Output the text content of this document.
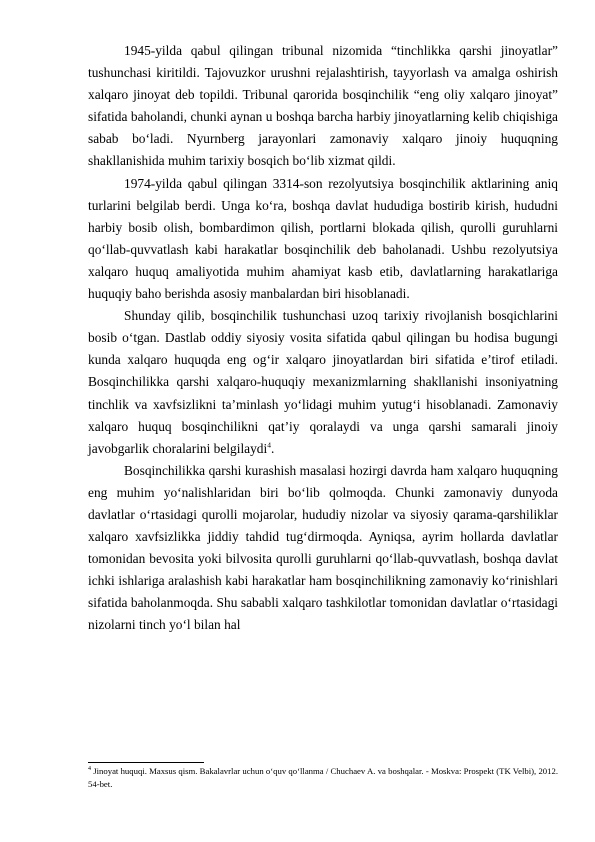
1945-yilda qabul qilingan tribunal nizomida “tinchlikka qarshi jinoyatlar” tushunchasi kiritildi. Tajovuzkor urushni rejalashtirish, tayyorlash va amalga oshirish xalqaro jinoyat deb topildi. Tribunal qarorida bosqinchilik “eng oliy xalqaro jinoyat” sifatida baholandi, chunki aynan u boshqa barcha harbiy jinoyatlarning kelib chiqishiga sabab bo‘ladi. Nyurnberg jarayonlari zamonaviy xalqaro jinoiy huquqning shakllanishida muhim tarixiy bosqich bo‘lib xizmat qildi.

1974-yilda qabul qilingan 3314-son rezolyutsiya bosqinchilik aktlarining aniq turlarini belgilab berdi. Unga ko‘ra, boshqa davlat hududiga bostirib kirish, hududni harbiy bosib olish, bombardimon qilish, portlarni blokada qilish, qurolli guruhlarni qo‘llab-quvvatlash kabi harakatlar bosqinchilik deb baholanadi. Ushbu rezolyutsiya xalqaro huquq amaliyotida muhim ahamiyat kasb etib, davlatlarning harakatlariga huquqiy baho berishda asosiy manbalardan biri hisoblanadi.

Shunday qilib, bosqinchilik tushunchasi uzoq tarixiy rivojlanish bosqichlarini bosib o‘tgan. Dastlab oddiy siyosiy vosita sifatida qabul qilingan bu hodisa bugungi kunda xalqaro huquqda eng og‘ir xalqaro jinoyatlardan biri sifatida e’tirof etiladi. Bosqinchilikka qarshi xalqaro-huquqiy mexanizmlarning shakllanishi insoniyatning tinchlik va xavfsizlikni ta’minlash yo‘lidagi muhim yutug‘i hisoblanadi. Zamonaviy xalqaro huquq bosqinchilikni qat’iy qoralaydi va unga qarshi samarali jinoiy javobgarlik choralarini belgilaydi$^4$.

Bosqinchilikka qarshi kurashish masalasi hozirgi davrda ham xalqaro huquqning eng muhim yo‘nalishlaridan biri bo‘lib qolmoqda. Chunki zamonaviy dunyoda davlatlar o‘rtasidagi qurolli mojarolar, hududiy nizolar va siyosiy qarama-qarshiliklar xalqaro xavfsizlikka jiddiy tahdid tug‘dirmoqda. Ayniqsa, ayrim hollarda davlatlar tomonidan bevosita yoki bilvosita qurolli guruhlarni qo‘llab-quvvatlash, boshqa davlat ichki ishlariga aralashish kabi harakatlar ham bosqinchilikning zamonaviy ko‘rinishlari sifatida baholanmoqda. Shu sababli xalqaro tashkilotlar tomonidan davlatlar o‘rtasidagi nizolarni tinch yo‘l bilan hal

$^4$ Jinoyat huquqi. Maxsus qism. Bakalavrlar uchun o‘quv qo‘llanma / Chuchaev A. va boshqalar. - Moskva: Prospekt (TK Velbi), 2012. 54-bet.
